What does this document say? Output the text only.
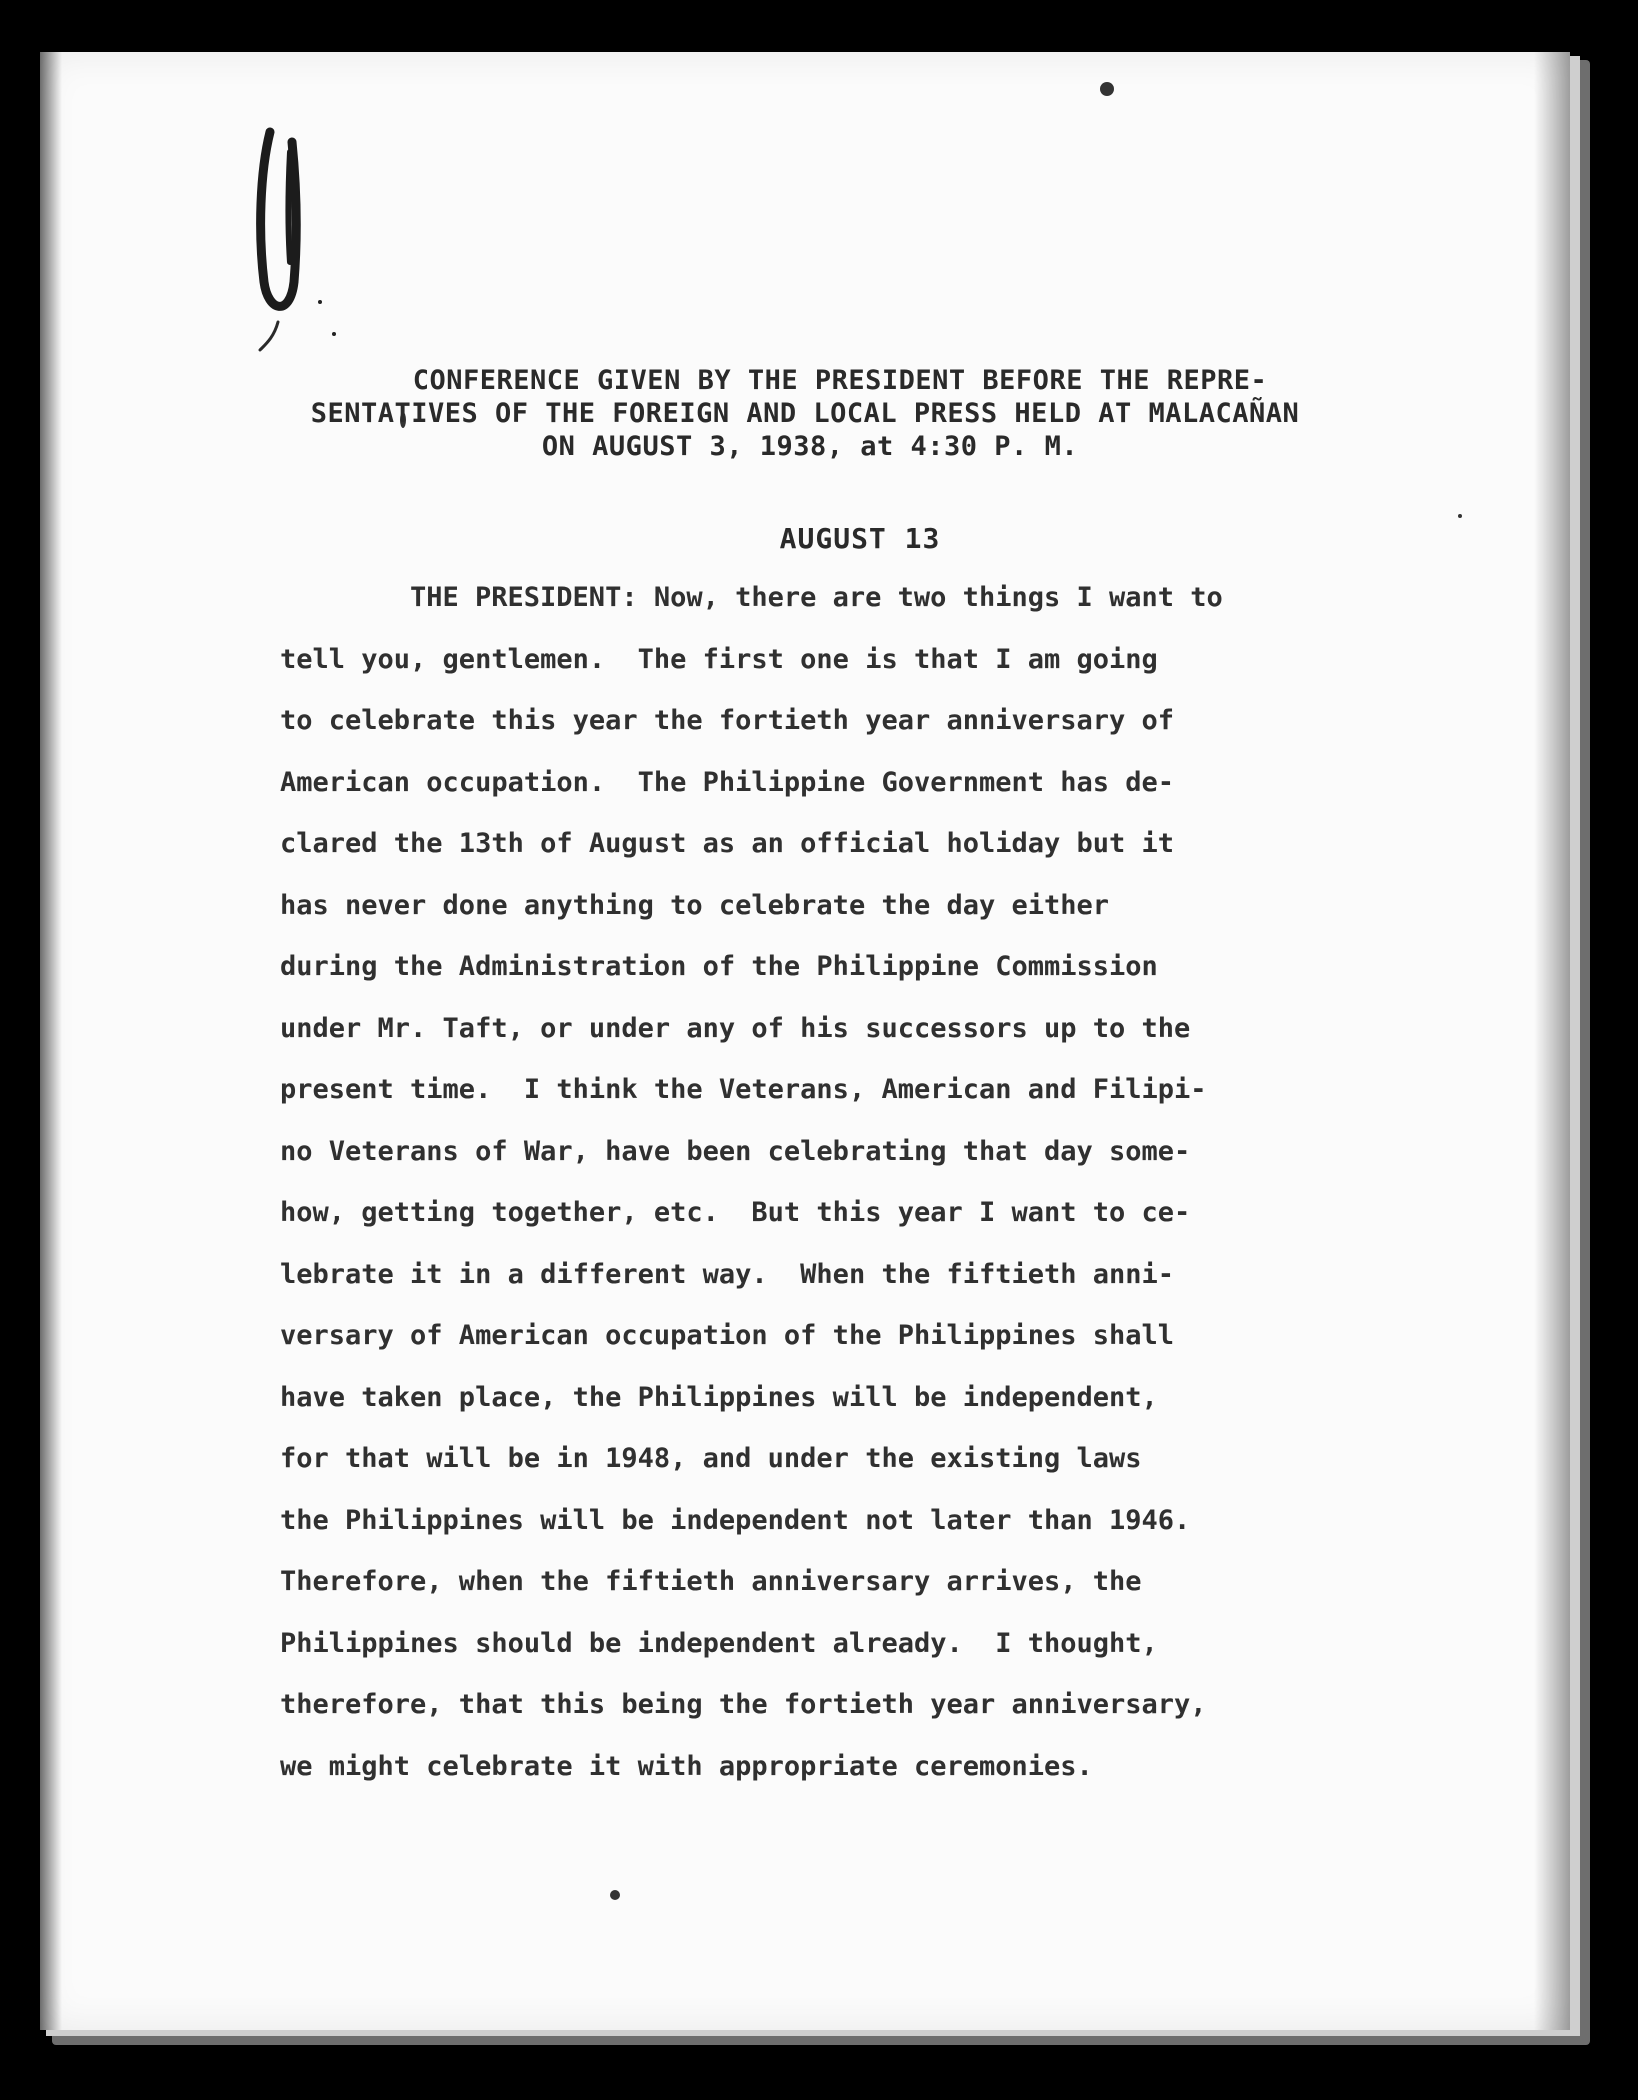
CONFERENCE GIVEN BY THE PRESIDENT BEFORE THE REPRE-
SENTATIVES OF THE FOREIGN AND LOCAL PRESS HELD AT MALACAÑAN
ON AUGUST 3, 1938, at 4:30 P. M.
AUGUST 13
THE PRESIDENT: Now, there are two things I want to
tell you, gentlemen.  The first one is that I am going
to celebrate this year the fortieth year anniversary of
American occupation.  The Philippine Government has de-
clared the 13th of August as an official holiday but it
has never done anything to celebrate the day either
during the Administration of the Philippine Commission
under Mr. Taft, or under any of his successors up to the
present time.  I think the Veterans, American and Filipi-
no Veterans of War, have been celebrating that day some-
how, getting together, etc.  But this year I want to ce-
lebrate it in a different way.  When the fiftieth anni-
versary of American occupation of the Philippines shall
have taken place, the Philippines will be independent,
for that will be in 1948, and under the existing laws
the Philippines will be independent not later than 1946.
Therefore, when the fiftieth anniversary arrives, the
Philippines should be independent already.  I thought,
therefore, that this being the fortieth year anniversary,
we might celebrate it with appropriate ceremonies.
